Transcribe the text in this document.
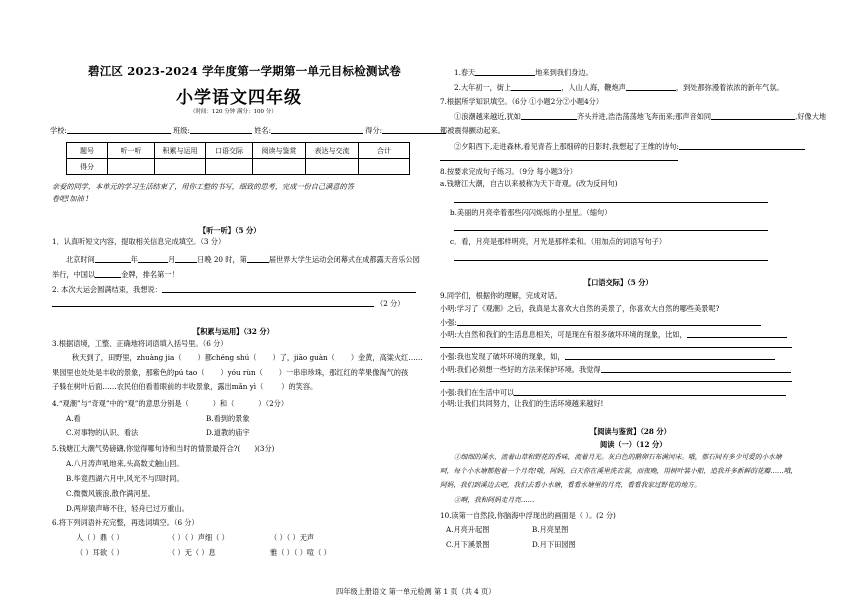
碧江区 2023-2024 学年度第一学期第一单元目标检测试卷
小学语文四年级
（时间：120 分钟 满分：100 分）
学校:	班级:	姓名:	得分:
题号	听一听	积累与运用	口语交际	阅读与鉴赏	表达与交流	合计
得分						
亲爱的同学，本单元的学习生活结束了，用你工整的书写，细致的思考，完成一份自己满意的答
卷吧!加油 !
【听一听】（5 分）
1．认真听短文内容，提取相关信息完成填空。（3 分）
北京时间	年	月	日晚 20 时，第	届世界大学生运动会闭幕式在成都露天音乐公园
举行，中国以	金牌，排名第一！
2. 本次大运会圆满结束，我想说：
（2 分）
【积累与运用】（32 分）
3.根据语境，工整、正确地将词语填入括号里。（6 分）
秋天到了，田野里，zhuàng jia（ ）都chéng shú（ ）了，jiāo guàn（ ）金黄，高粱火红……
果园里也处处是丰收的景象，那紫色的pú tao（ ）yóu rùn（ ）一串串珍珠，那红红的苹果像淘气的孩
子躲在树叶后面……农民伯伯看着眼前的丰收景象，露出mǎn yì（	）的笑容。
4.“观潮”与“奇观”中的“观”的意思分别是（	）和（	）（2分）
A.看	B.看到的景象
C.对事物的认识、看法	D.道教的庙宇
5.钱塘江大潮气势磅礴,你觉得哪句诗和当时的情景最符合?( )(3分)
A.八月涛声吼地来,头高数丈触山回。
B.毕竟西湖六月中,风光不与四时同。
C.微微风簇浪,散作满河星。
D.两岸猿声啼不住，轻舟已过万重山。
6.将下列词语补充完整，再选词填空。（6 分）
人（ ）鼎（ ）	（ ）（ ）声细（ ）	（ ）（ ）无声
（ ）耳欲（ ）	（ ）无（ ）息	雅（ ）（ ）喧（ ）
1.春天	地来到我们身边。
2.大年初一，街上	，人山人海，鞭炮声	，到处都弥漫着浓浓的新年气氛。
7.根据所学知识填空。（6分 ①小题2分②小题4分）
①浪潮越来越近,犹如	齐头并进,浩浩荡荡地飞奔而来;那声音如同	,好像大地
都被震得颤动起来。
②夕阳西下,走进森林,看见青苔上那细碎的日影时,我想起了王维的诗句:
8.按要求完成句子练习。（9分 每小题3分）
a.钱塘江大潮，自古以来被称为天下奇观。(改为反问句)
b.美丽的月亮牵着那些闪闪烁烁的小星星。（缩句）
c．看，月亮是那样明亮，月光是那样柔和。（用加点的词语写句子）
【口语交际】（5 分）
9.同学们，根据你的理解，完成对话。
小明:学习了《观潮》之后，我真是太喜欢大自然的美景了，你喜欢大自然的哪些美景呢?
小强:
小明:大自然和我们的生活息息相关，可是现在有很多破坏环境的现象，比如，
小强:我也发现了破坏环境的现象，如，
小明:我们必须想一些好的方法来保护环境。我觉得
小强:我们在生活中可以
小明:让我们共同努力，让我们的生活环境越来越好!
【阅读与鉴赏】（28 分）
阅读（一）（12 分）
①细细的溪水，流着山草和野花的香味，流着月光。灰白色的鹅卵石布满河床。哦，那石间有多少可爱的小水塘
呵，每个小水塘都抱着一个月亮!哦，阿妈，白天你在溪里洗衣裳，而夜晚，用树叶装小船，追我并多新鲜的花瓣……哦，
阿妈，我们到溪边去吧，我们去看小水塘，看看水塘里的月亮，看看我家过野花的地方。
②啊，我和阿妈走月亮……
10.读第一自然段,你脑海中浮现出的画面是（ ）。(2 分)
A.月亮升起图	B.月亮星图
C.月下溪景图	D.月下田园图
四年级上册语文 第一单元检测 第 1 页（共 4 页）
